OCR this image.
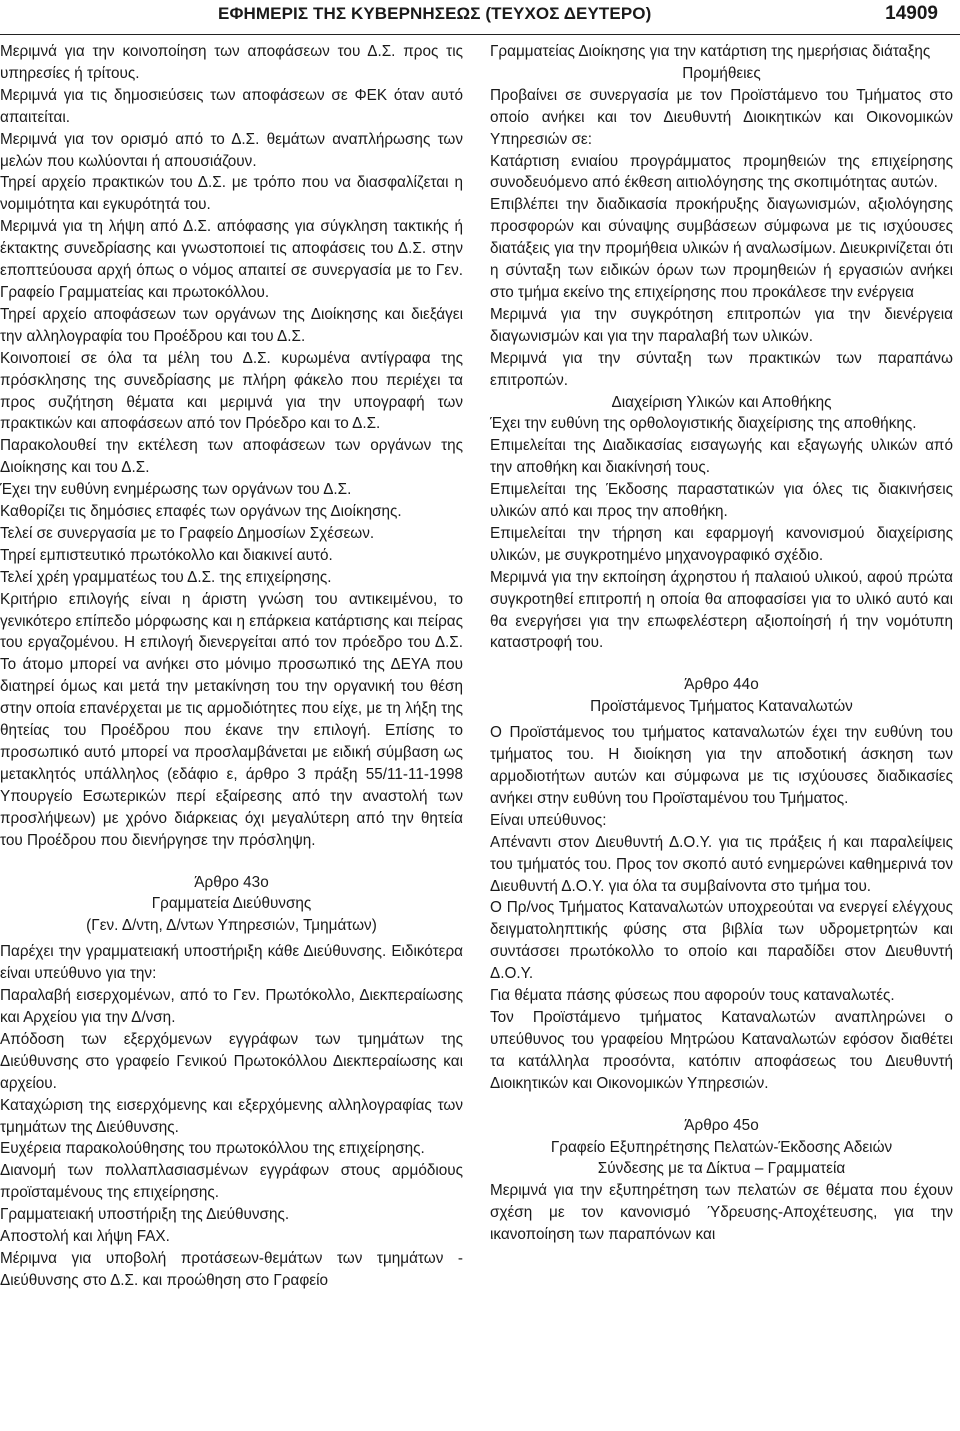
ΕΦΗΜΕΡΙΣ ΤΗΣ ΚΥΒΕΡΝΗΣΕΩΣ (ΤΕΥΧΟΣ ΔΕΥΤΕΡΟ)	14909

Μεριμνά για την κοινοποίηση των αποφάσεων του Δ.Σ. προς τις υπηρεσίες ή τρίτους.

Μεριμνά για τις δημοσιεύσεις των αποφάσεων σε ΦΕΚ όταν αυτό απαιτείται.

Μεριμνά για τον ορισμό από το Δ.Σ. θεμάτων αναπλήρωσης των μελών που κωλύονται ή απουσιάζουν.

Τηρεί αρχείο πρακτικών του Δ.Σ. με τρόπο που να διασφαλίζεται η νομιμότητα και εγκυρότητά του.

Μεριμνά για τη λήψη από Δ.Σ. απόφασης για σύγκληση τακτικής ή έκτακτης συνεδρίασης και γνωστοποιεί τις αποφάσεις του Δ.Σ. στην εποπτεύουσα αρχή όπως ο νόμος απαιτεί σε συνεργασία με το Γεν. Γραφείο Γραμματείας και πρωτοκόλλου.

Τηρεί αρχείο αποφάσεων των οργάνων της Διοίκησης και διεξάγει την αλληλογραφία του Προέδρου και του Δ.Σ.

Κοινοποιεί σε όλα τα μέλη του Δ.Σ. κυρωμένα αντίγραφα της πρόσκλησης της συνεδρίασης με πλήρη φάκελο που περιέχει τα προς συζήτηση θέματα και μεριμνά για την υπογραφή των πρακτικών και αποφάσεων από τον Πρόεδρο και το Δ.Σ.

Παρακολουθεί την εκτέλεση των αποφάσεων των οργάνων της Διοίκησης και του Δ.Σ.

Έχει την ευθύνη ενημέρωσης των οργάνων του Δ.Σ.

Καθορίζει τις δημόσιες επαφές των οργάνων της Διοίκησης.

Τελεί σε συνεργασία με το Γραφείο Δημοσίων Σχέσεων.

Τηρεί εμπιστευτικό πρωτόκολλο και διακινεί αυτό.

Τελεί χρέη γραμματέως του Δ.Σ. της επιχείρησης.

Κριτήριο επιλογής είναι η άριστη γνώση του αντικειμένου, το γενικότερο επίπεδο μόρφωσης και η επάρκεια κατάρτισης και πείρας του εργαζομένου. Η επιλογή διενεργείται από τον πρόεδρο του Δ.Σ. Το άτομο μπορεί να ανήκει στο μόνιμο προσωπικό της ΔΕΥΑ που διατηρεί όμως και μετά την μετακίνηση του την οργανική του θέση στην οποία επανέρχεται με τις αρμοδιότητες που είχε, με τη λήξη της θητείας του Προέδρου που έκανε την επιλογή. Επίσης το προσωπικό αυτό μπορεί να προσλαμβάνεται με ειδική σύμβαση ως μετακλητός υπάλληλος (εδάφιο ε, άρθρο 3 πράξη 55/11-11-1998 Υπουργείο Εσωτερικών περί εξαίρεσης από την αναστολή των προσλήψεων) με χρόνο διάρκειας όχι μεγαλύτερη από την θητεία του Προέδρου που διενήργησε την πρόσληψη.

Άρθρο 43ο

Γραμματεία Διεύθυνσης

(Γεν. Δ/ντη, Δ/ντων Υπηρεσιών, Τμημάτων)

Παρέχει την γραμματειακή υποστήριξη κάθε Διεύθυνσης. Ειδικότερα είναι υπεύθυνο για την:

Παραλαβή εισερχομένων, από το Γεν. Πρωτόκολλο, Διεκπεραίωσης και Αρχείου για την Δ/νση.

Απόδοση των εξερχόμενων εγγράφων των τμημάτων της Διεύθυνσης στο γραφείο Γενικού Πρωτοκόλλου Διεκπεραίωσης και αρχείου.

Καταχώριση της εισερχόμενης και εξερχόμενης αλληλογραφίας των τμημάτων της Διεύθυνσης.

Ευχέρεια παρακολούθησης του πρωτοκόλλου της επιχείρησης.

Διανομή των πολλαπλασιασμένων εγγράφων στους αρμόδιους προϊσταμένους της επιχείρησης.

Γραμματειακή υποστήριξη της Διεύθυνσης.

Αποστολή και λήψη FAX.

Μέριμνα για υποβολή προτάσεων-θεμάτων των τμημάτων - Διεύθυνσης στο Δ.Σ. και προώθηση στο Γραφείο

Γραμματείας Διοίκησης για την κατάρτιση της ημερήσιας διάταξης

Προμήθειες

Προβαίνει σε συνεργασία με τον Προϊστάμενο του Τμήματος στο οποίο ανήκει και τον Διευθυντή Διοικητικών και Οικονομικών Υπηρεσιών σε:

Κατάρτιση ενιαίου προγράμματος προμηθειών της επιχείρησης συνοδευόμενο από έκθεση αιτιολόγησης της σκοπιμότητας αυτών.

Επιβλέπει την διαδικασία προκήρυξης διαγωνισμών, αξιολόγησης προσφορών και σύναψης συμβάσεων σύμφωνα με τις ισχύουσες διατάξεις για την προμήθεια υλικών ή αναλωσίμων. Διευκρινίζεται ότι η σύνταξη των ειδικών όρων των προμηθειών ή εργασιών ανήκει στο τμήμα εκείνο της επιχείρησης που προκάλεσε την ενέργεια

Μεριμνά για την συγκρότηση επιτροπών για την διενέργεια διαγωνισμών και για την παραλαβή των υλικών.

Μεριμνά για την σύνταξη των πρακτικών των παραπάνω επιτροπών.

Διαχείριση Υλικών και Αποθήκης

Έχει την ευθύνη της ορθολογιστικής διαχείρισης της αποθήκης.

Επιμελείται της Διαδικασίας εισαγωγής και εξαγωγής υλικών από την αποθήκη και διακίνησή τους.

Επιμελείται της Έκδοσης παραστατικών για όλες τις διακινήσεις υλικών από και προς την αποθήκη.

Επιμελείται την τήρηση και εφαρμογή κανονισμού διαχείρισης υλικών, με συγκροτημένο μηχανογραφικό σχέδιο.

Μεριμνά για την εκποίηση άχρηστου ή παλαιού υλικού, αφού πρώτα συγκροτηθεί επιτροπή η οποία θα αποφασίσει για το υλικό αυτό και θα ενεργήσει για την επωφελέστερη αξιοποίησή ή την νομότυπη καταστροφή του.

Άρθρο 44ο

Προϊστάμενος Τμήματος Καταναλωτών

Ο Προϊστάμενος του τμήματος καταναλωτών έχει την ευθύνη του τμήματος του. Η διοίκηση για την αποδοτική άσκηση των αρμοδιοτήτων αυτών και σύμφωνα με τις ισχύουσες διαδικασίες ανήκει στην ευθύνη του Προϊσταμένου του Τμήματος.

Είναι υπεύθυνος:

Απέναντι στον Διευθυντή Δ.Ο.Υ. για τις πράξεις ή και παραλείψεις του τμήματός του. Προς τον σκοπό αυτό ενημερώνει καθημερινά τον Διευθυντή Δ.Ο.Υ. για όλα τα συμβαίνοντα στο τμήμα του.

Ο Πρ/νος Τμήματος Καταναλωτών υποχρεούται να ενεργεί ελέγχους δειγματοληπτικής φύσης στα βιβλία των υδρομετρητών και συντάσσει πρωτόκολλο το οποίο και παραδίδει στον Διευθυντή Δ.Ο.Υ.

Για θέματα πάσης φύσεως που αφορούν τους καταναλωτές.

Τον Προϊστάμενο τμήματος Καταναλωτών αναπληρώνει ο υπεύθυνος του γραφείου Μητρώου Καταναλωτών εφόσον διαθέτει τα κατάλληλα προσόντα, κατόπιν αποφάσεως του Διευθυντή Διοικητικών και Οικονομικών Υπηρεσιών.

Άρθρο 45ο

Γραφείο Εξυπηρέτησης Πελατών-Έκδοσης Αδειών

Σύνδεσης με τα Δίκτυα – Γραμματεία

Μεριμνά για την εξυπηρέτηση των πελατών σε θέματα που έχουν σχέση με τον κανονισμό Ύδρευσης-Αποχέτευσης, για την ικανοποίηση των παραπόνων και
